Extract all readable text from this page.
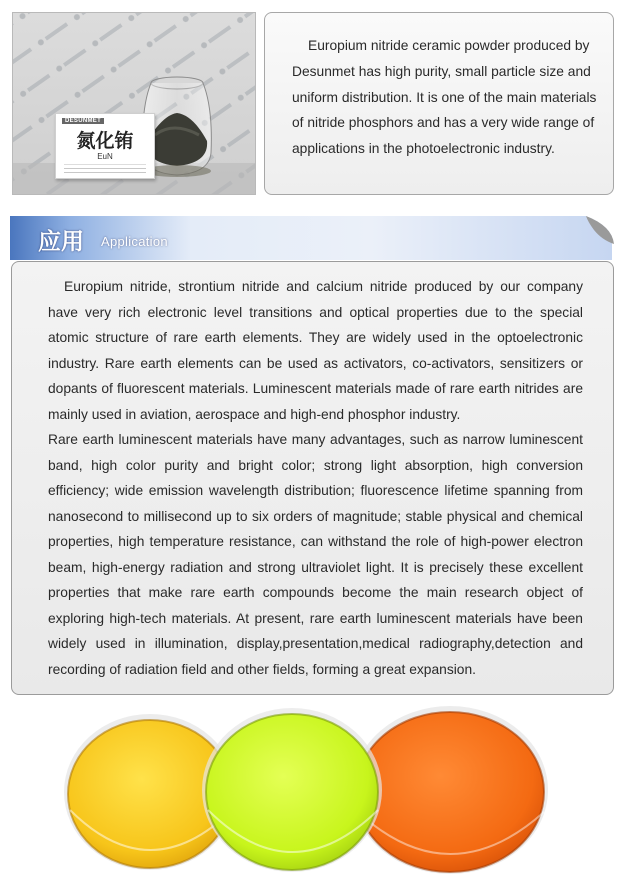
DESUNMET
氮化铕
EuN

Europium nitride ceramic powder produced by Desunmet has high purity, small particle size and uniform distribution. It is one of the main materials of nitride phosphors and has a very wide range of applications in the photoelectronic industry.

应用 Application

Europium nitride, strontium nitride and calcium nitride produced by our company have very rich electronic level transitions and optical properties due to the special atomic structure of rare earth elements. They are widely used in the optoelectronic industry. Rare earth elements can be used as activators, co-activators, sensitizers or dopants of fluorescent materials. Luminescent materials made of rare earth nitrides are mainly used in aviation, aerospace and high-end phosphor industry.

Rare earth luminescent materials have many advantages, such as narrow luminescent band, high color purity and bright color; strong light absorption, high conversion efficiency; wide emission wavelength distribution; fluorescence lifetime spanning from nanosecond to millisecond up to six orders of magnitude; stable physical and chemical properties, high temperature resistance, can withstand the role of high-power electron beam, high-energy radiation and strong ultraviolet light. It is precisely these excellent properties that make rare earth compounds become the main research object of exploring high-tech materials. At present, rare earth luminescent materials have been widely used in illumination, display,presentation,medical radiography,detection and recording of radiation field and other fields, forming a great expansion.
